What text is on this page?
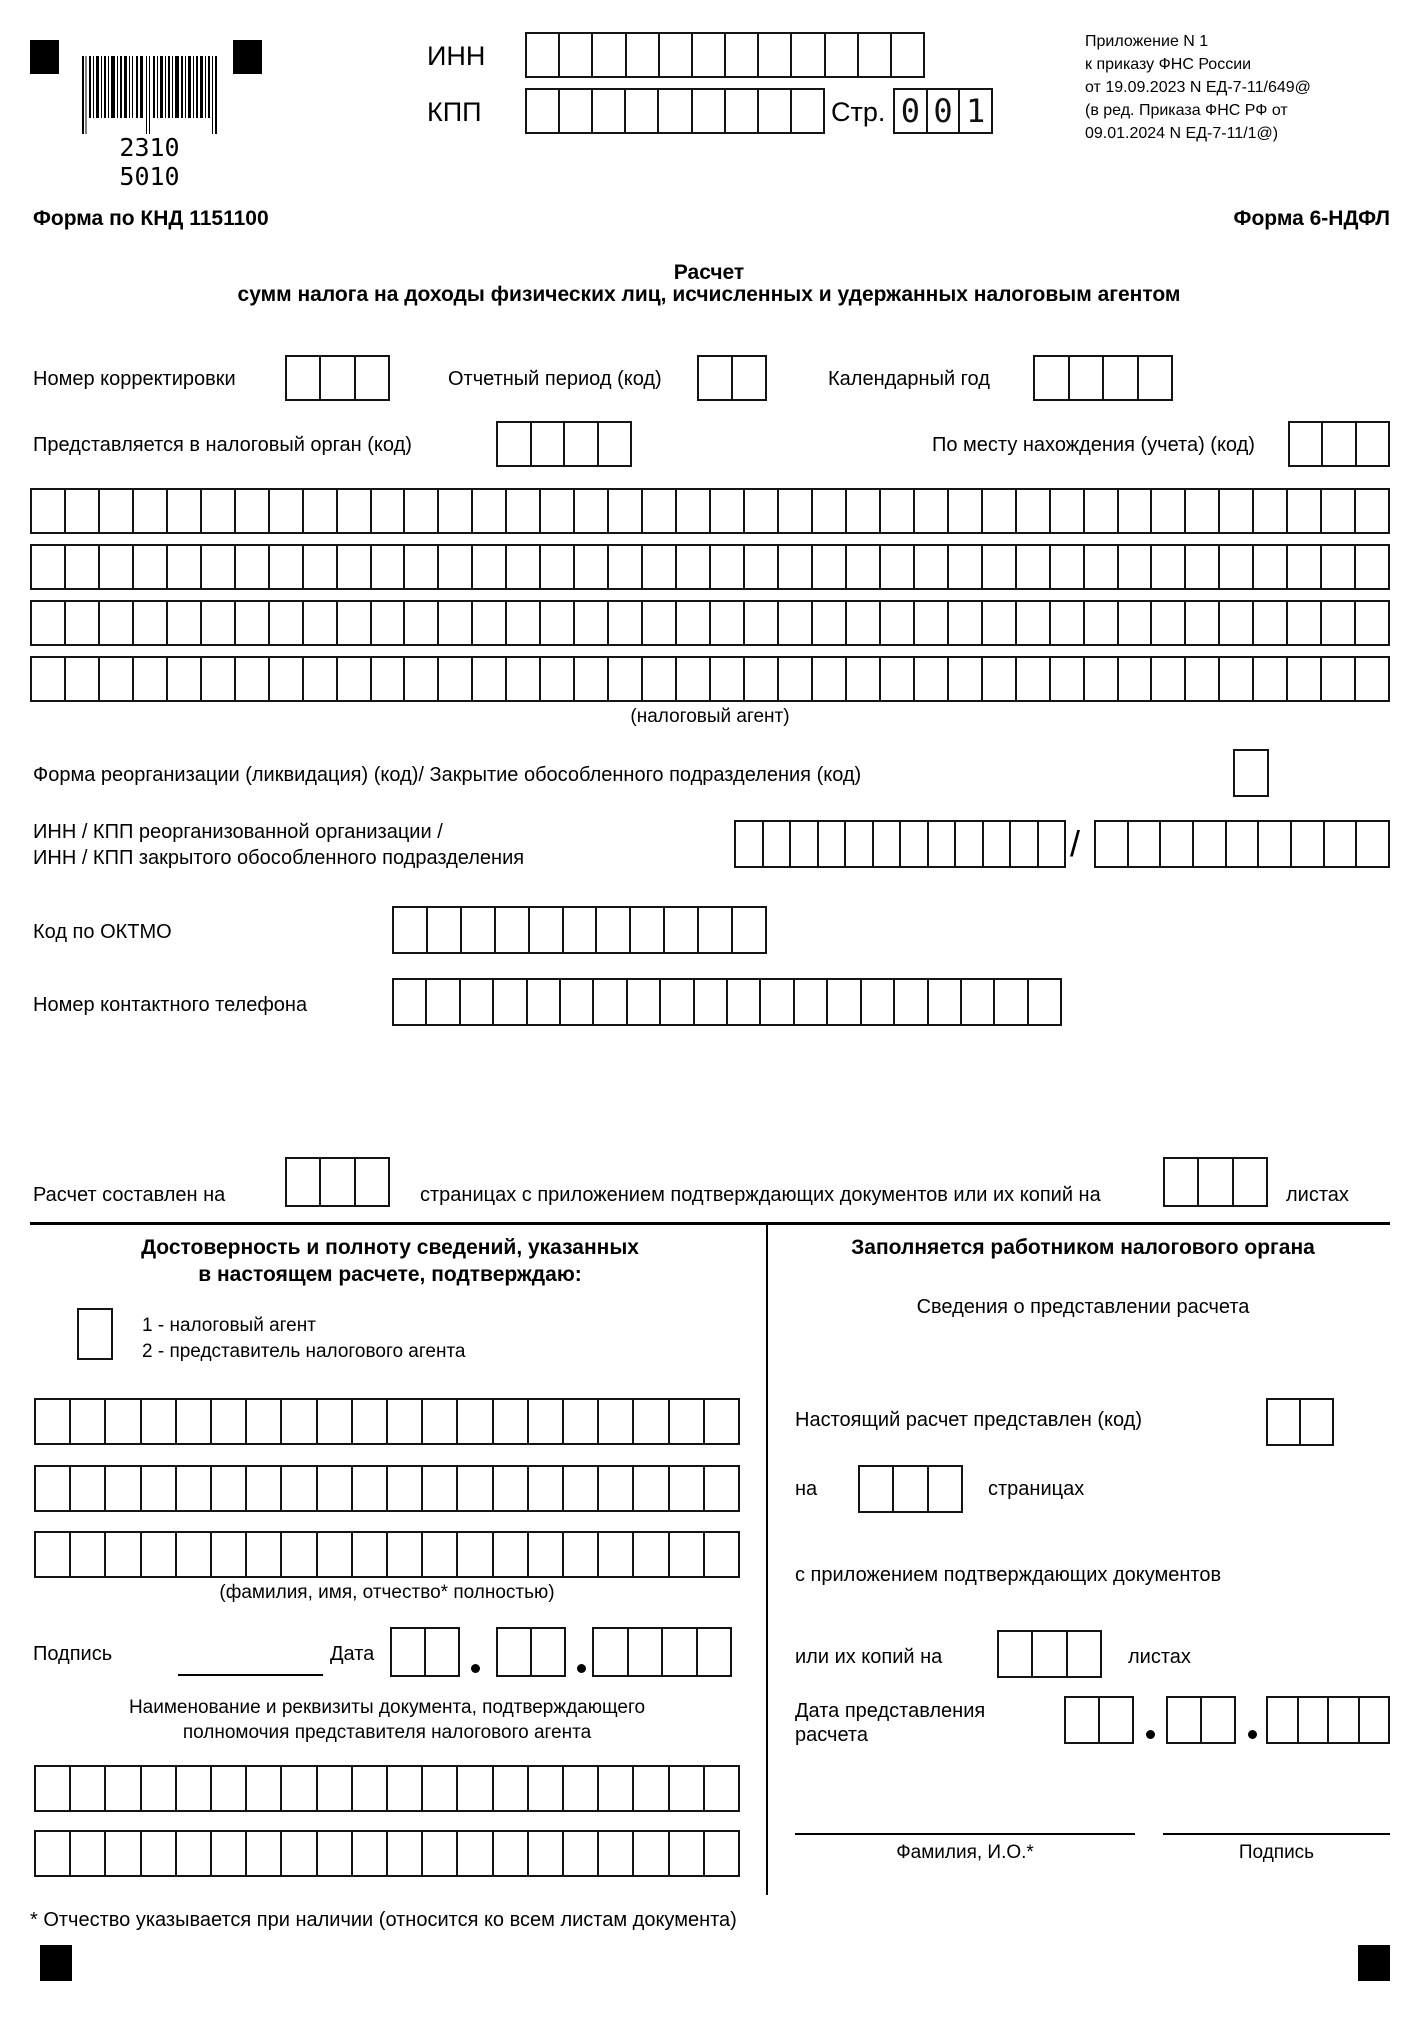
2310 5010
ИНН
КПП	Стр. 0 0 1
Приложение N 1
к приказу ФНС России
от 19.09.2023 N ЕД-7-11/649@
(в ред. Приказа ФНС РФ от
09.01.2024 N ЕД-7-11/1@)
Форма по КНД 1151100	Форма 6-НДФЛ
Расчет
сумм налога на доходы физических лиц, исчисленных и удержанных налоговым агентом
Номер корректировки	Отчетный период (код)	Календарный год
Представляется в налоговый орган (код)	По месту нахождения (учета) (код)
(налоговый агент)
Форма реорганизации (ликвидация) (код)/ Закрытие обособленного подразделения (код)
ИНН / КПП реорганизованной организации /
ИНН / КПП закрытого обособленного подразделения	/
Код по ОКТМО
Номер контактного телефона
Расчет составлен на	страницах с приложением подтверждающих документов или их копий на	листах
Достоверность и полноту сведений, указанных
в настоящем расчете, подтверждаю:
1 - налоговый агент
2 - представитель налогового агента
(фамилия, имя, отчество* полностью)
Подпись	Дата
Наименование и реквизиты документа, подтверждающего
полномочия представителя налогового агента
Заполняется работником налогового органа
Сведения о представлении расчета
Настоящий расчет представлен (код)
на	страницах
с приложением подтверждающих документов
или их копий на	листах
Дата представления
расчета
Фамилия, И.О.*	Подпись
* Отчество указывается при наличии (относится ко всем листам документа)
